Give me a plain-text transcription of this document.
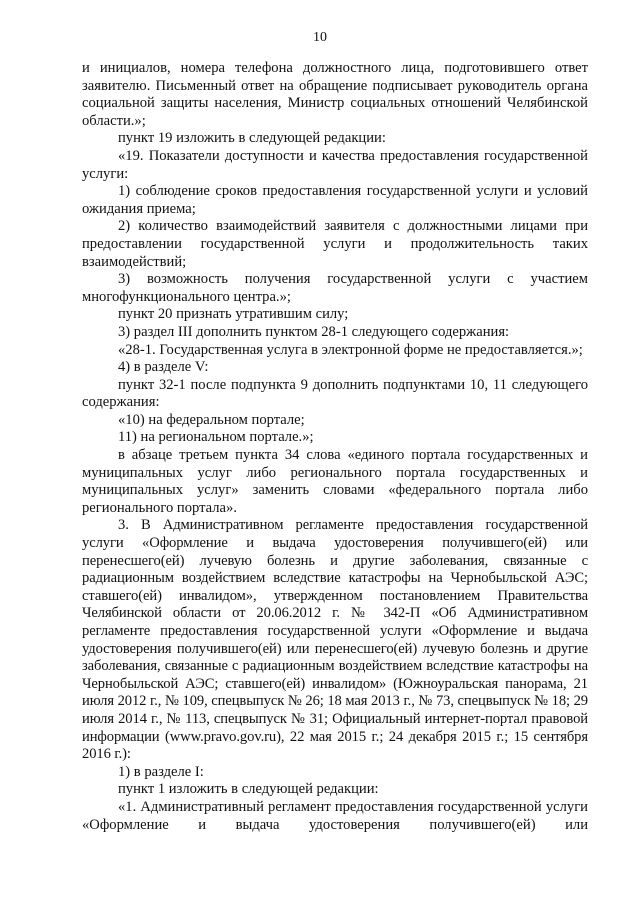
10

и инициалов, номера телефона должностного лица, подготовившего ответ заявителю. Письменный ответ на обращение подписывает руководитель органа социальной защиты населения, Министр социальных отношений Челябинской области.»;

пункт 19 изложить в следующей редакции:

«19. Показатели доступности и качества предоставления государственной услуги:

1) соблюдение сроков предоставления государственной услуги и условий ожидания приема;

2) количество взаимодействий заявителя с должностными лицами при предоставлении государственной услуги и продолжительность таких взаимодействий;

3) возможность получения государственной услуги с участием многофункционального центра.»;

пункт 20 признать утратившим силу;

3) раздел III дополнить пунктом 28-1 следующего содержания:

«28-1. Государственная услуга в электронной форме не предоставляется.»;

4) в разделе V:

пункт 32-1 после подпункта 9 дополнить подпунктами 10, 11 следующего содержания:

«10) на федеральном портале;

11) на региональном портале.»;

в абзаце третьем пункта 34 слова «единого портала государственных и муниципальных услуг либо регионального портала государственных и муниципальных услуг» заменить словами «федерального портала либо регионального портала».

3. В Административном регламенте предоставления государственной услуги «Оформление и выдача удостоверения получившего(ей) или перенесшего(ей) лучевую болезнь и другие заболевания, связанные с радиационным воздействием вследствие катастрофы на Чернобыльской АЭС; ставшего(ей) инвалидом», утвержденном постановлением Правительства Челябинской области от 20.06.2012 г. № 342-П «Об Административном регламенте предоставления государственной услуги «Оформление и выдача удостоверения получившего(ей) или перенесшего(ей) лучевую болезнь и другие заболевания, связанные с радиационным воздействием вследствие катастрофы на Чернобыльской АЭС; ставшего(ей) инвалидом» (Южноуральская панорама, 21 июля 2012 г., № 109, спецвыпуск № 26; 18 мая 2013 г., № 73, спецвыпуск № 18; 29 июля 2014 г., № 113, спецвыпуск № 31; Официальный интернет-портал правовой информации (www.pravo.gov.ru), 22 мая 2015 г.; 24 декабря 2015 г.; 15 сентября 2016 г.):

1) в разделе I:

пункт 1 изложить в следующей редакции:

«1. Административный регламент предоставления государственной услуги «Оформление и выдача удостоверения получившего(ей) или
